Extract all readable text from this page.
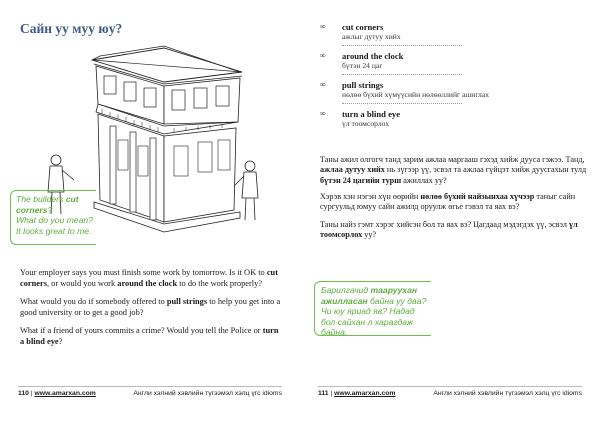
Сайн уу муу юу?
The builders cut
corners?
What do you mean?
It looks great to me.
Your employer says you must finish some work by tomorrow. Is it OK to cut corners, or would you work around the clock to do the work properly?
What would you do if somebody offered to pull strings to help you get into a good university or to get a good job?
What if a friend of yours commits a crime? Would you tell the Police or turn a blind eye?
110 | www.amarxan.com	Англи хэлний хэвлийн түгээмэл хэлц үгс idioms
∞ cut corners
ажлыг дутуу хийх
∞ around the clock
бүтэн 24 цаг
∞ pull strings
нөлөө бүхий хүмүүсийн нөлөөллийг ашиглах
∞ turn a blind eye
үл тоомсорлох
Таны ажил олгогч танд зарим ажлаа маргааш гэхэд хийж дууса гэжээ. Танд, ажлаа дутуу хийх нь зүгээр үү, эсвэл та ажлаа гүйцэт хийж дуусгахын тулд бүтэн 24 цагийн турш ажиллах уу?
Хэрэв хэн нэгэн хүн өөрийн нөлөө бүхий найзынхаа хүчээр таныг сайн сургуульд юмуу сайн ажилд оруулж өгье гэвэл та яах вэ?
Таны найз гэмт хэрэг хийсэн бол та яах вэ? Цагдаад мэдэгдэх үү, эсвэл үл тоомсорлох уу?
Барилгачид таарууxан
ажилласан байна уу даа?
Чи юу яриад яв? Надад
бол сайхан л харагдаж
байна.
111 | www.amarxan.com	Англи хэлний хэвлийн түгээмэл хэлц үгс idioms
